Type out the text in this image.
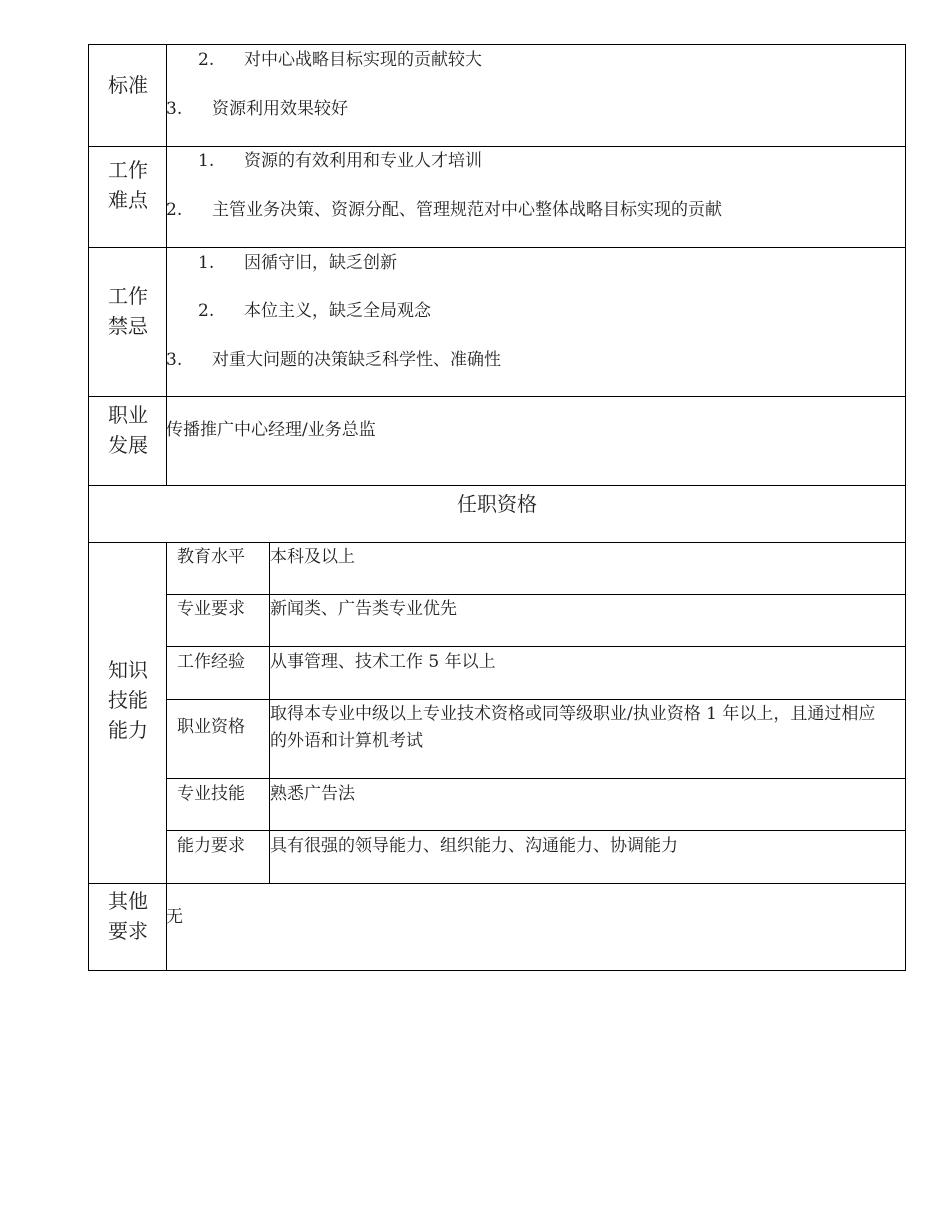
标准
2. 对中心战略目标实现的贡献较大
3. 资源利用效果较好
工作
难点
1. 资源的有效利用和专业人才培训
2. 主管业务决策、资源分配、管理规范对中心整体战略目标实现的贡献
工作
禁忌
1. 因循守旧，缺乏创新
2. 本位主义，缺乏全局观念
3. 对重大问题的决策缺乏科学性、准确性
职业
发展
传播推广中心经理/业务总监
任职资格
知识
技能
能力
教育水平 本科及以上
专业要求 新闻类、广告类专业优先
工作经验 从事管理、技术工作 5 年以上
职业资格
取得本专业中级以上专业技术资格或同等级职业/执业资格 1 年以上，且通过相应的外语和计算机考试
专业技能 熟悉广告法
能力要求 具有很强的领导能力、组织能力、沟通能力、协调能力
其他
要求
无
